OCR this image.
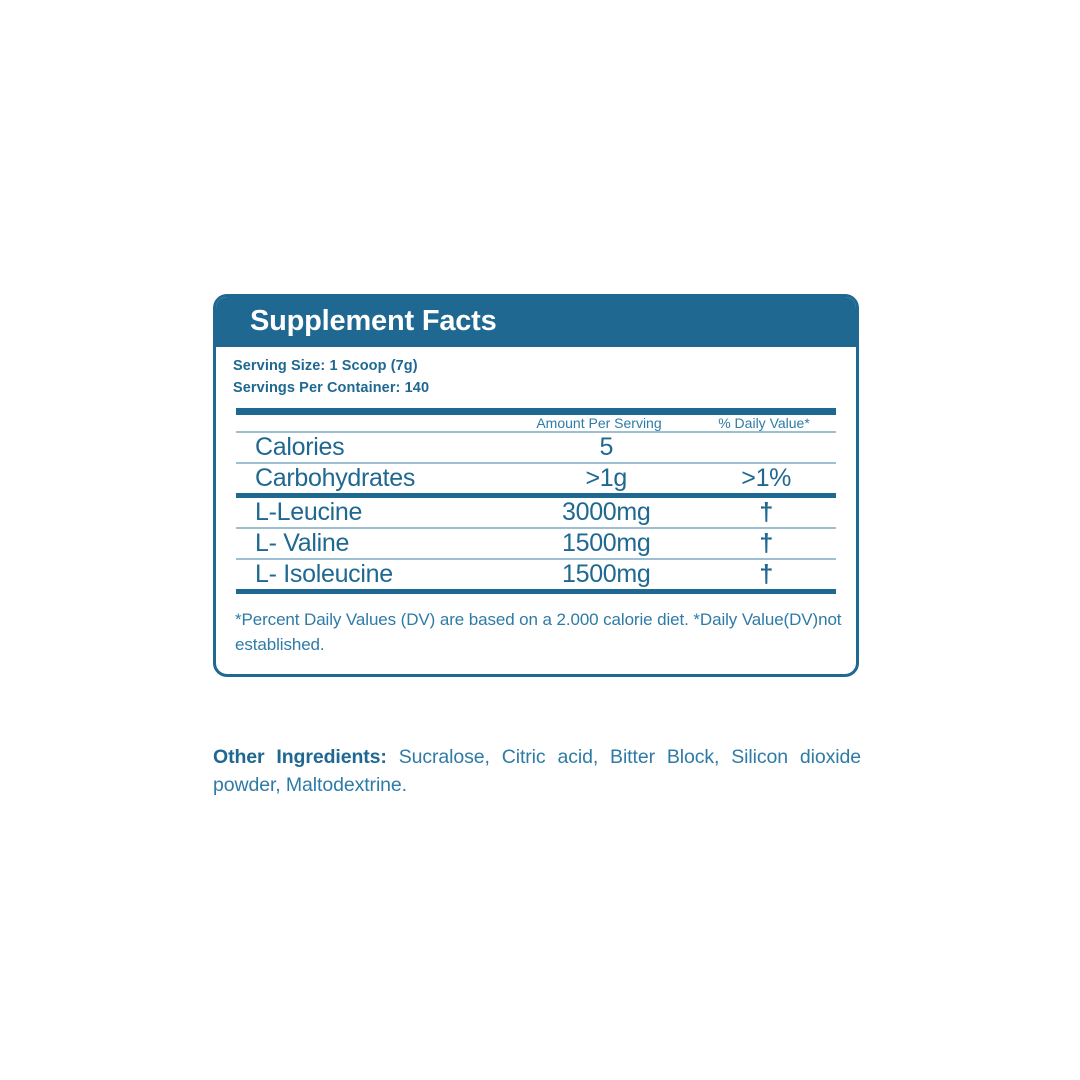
Supplement Facts
Serving Size: 1 Scoop (7g)
Servings Per Container: 140
	Amount Per Serving	% Daily Value*
Calories	5	
Carbohydrates	>1g	>1%
L-Leucine	3000mg	†
L- Valine	1500mg	†
L- Isoleucine	1500mg	†
*Percent Daily Values (DV) are based on a 2.000 calorie diet. *Daily Value(DV)not established.
Other Ingredients: Sucralose, Citric acid, Bitter Block, Silicon dioxide powder, Maltodextrine.
